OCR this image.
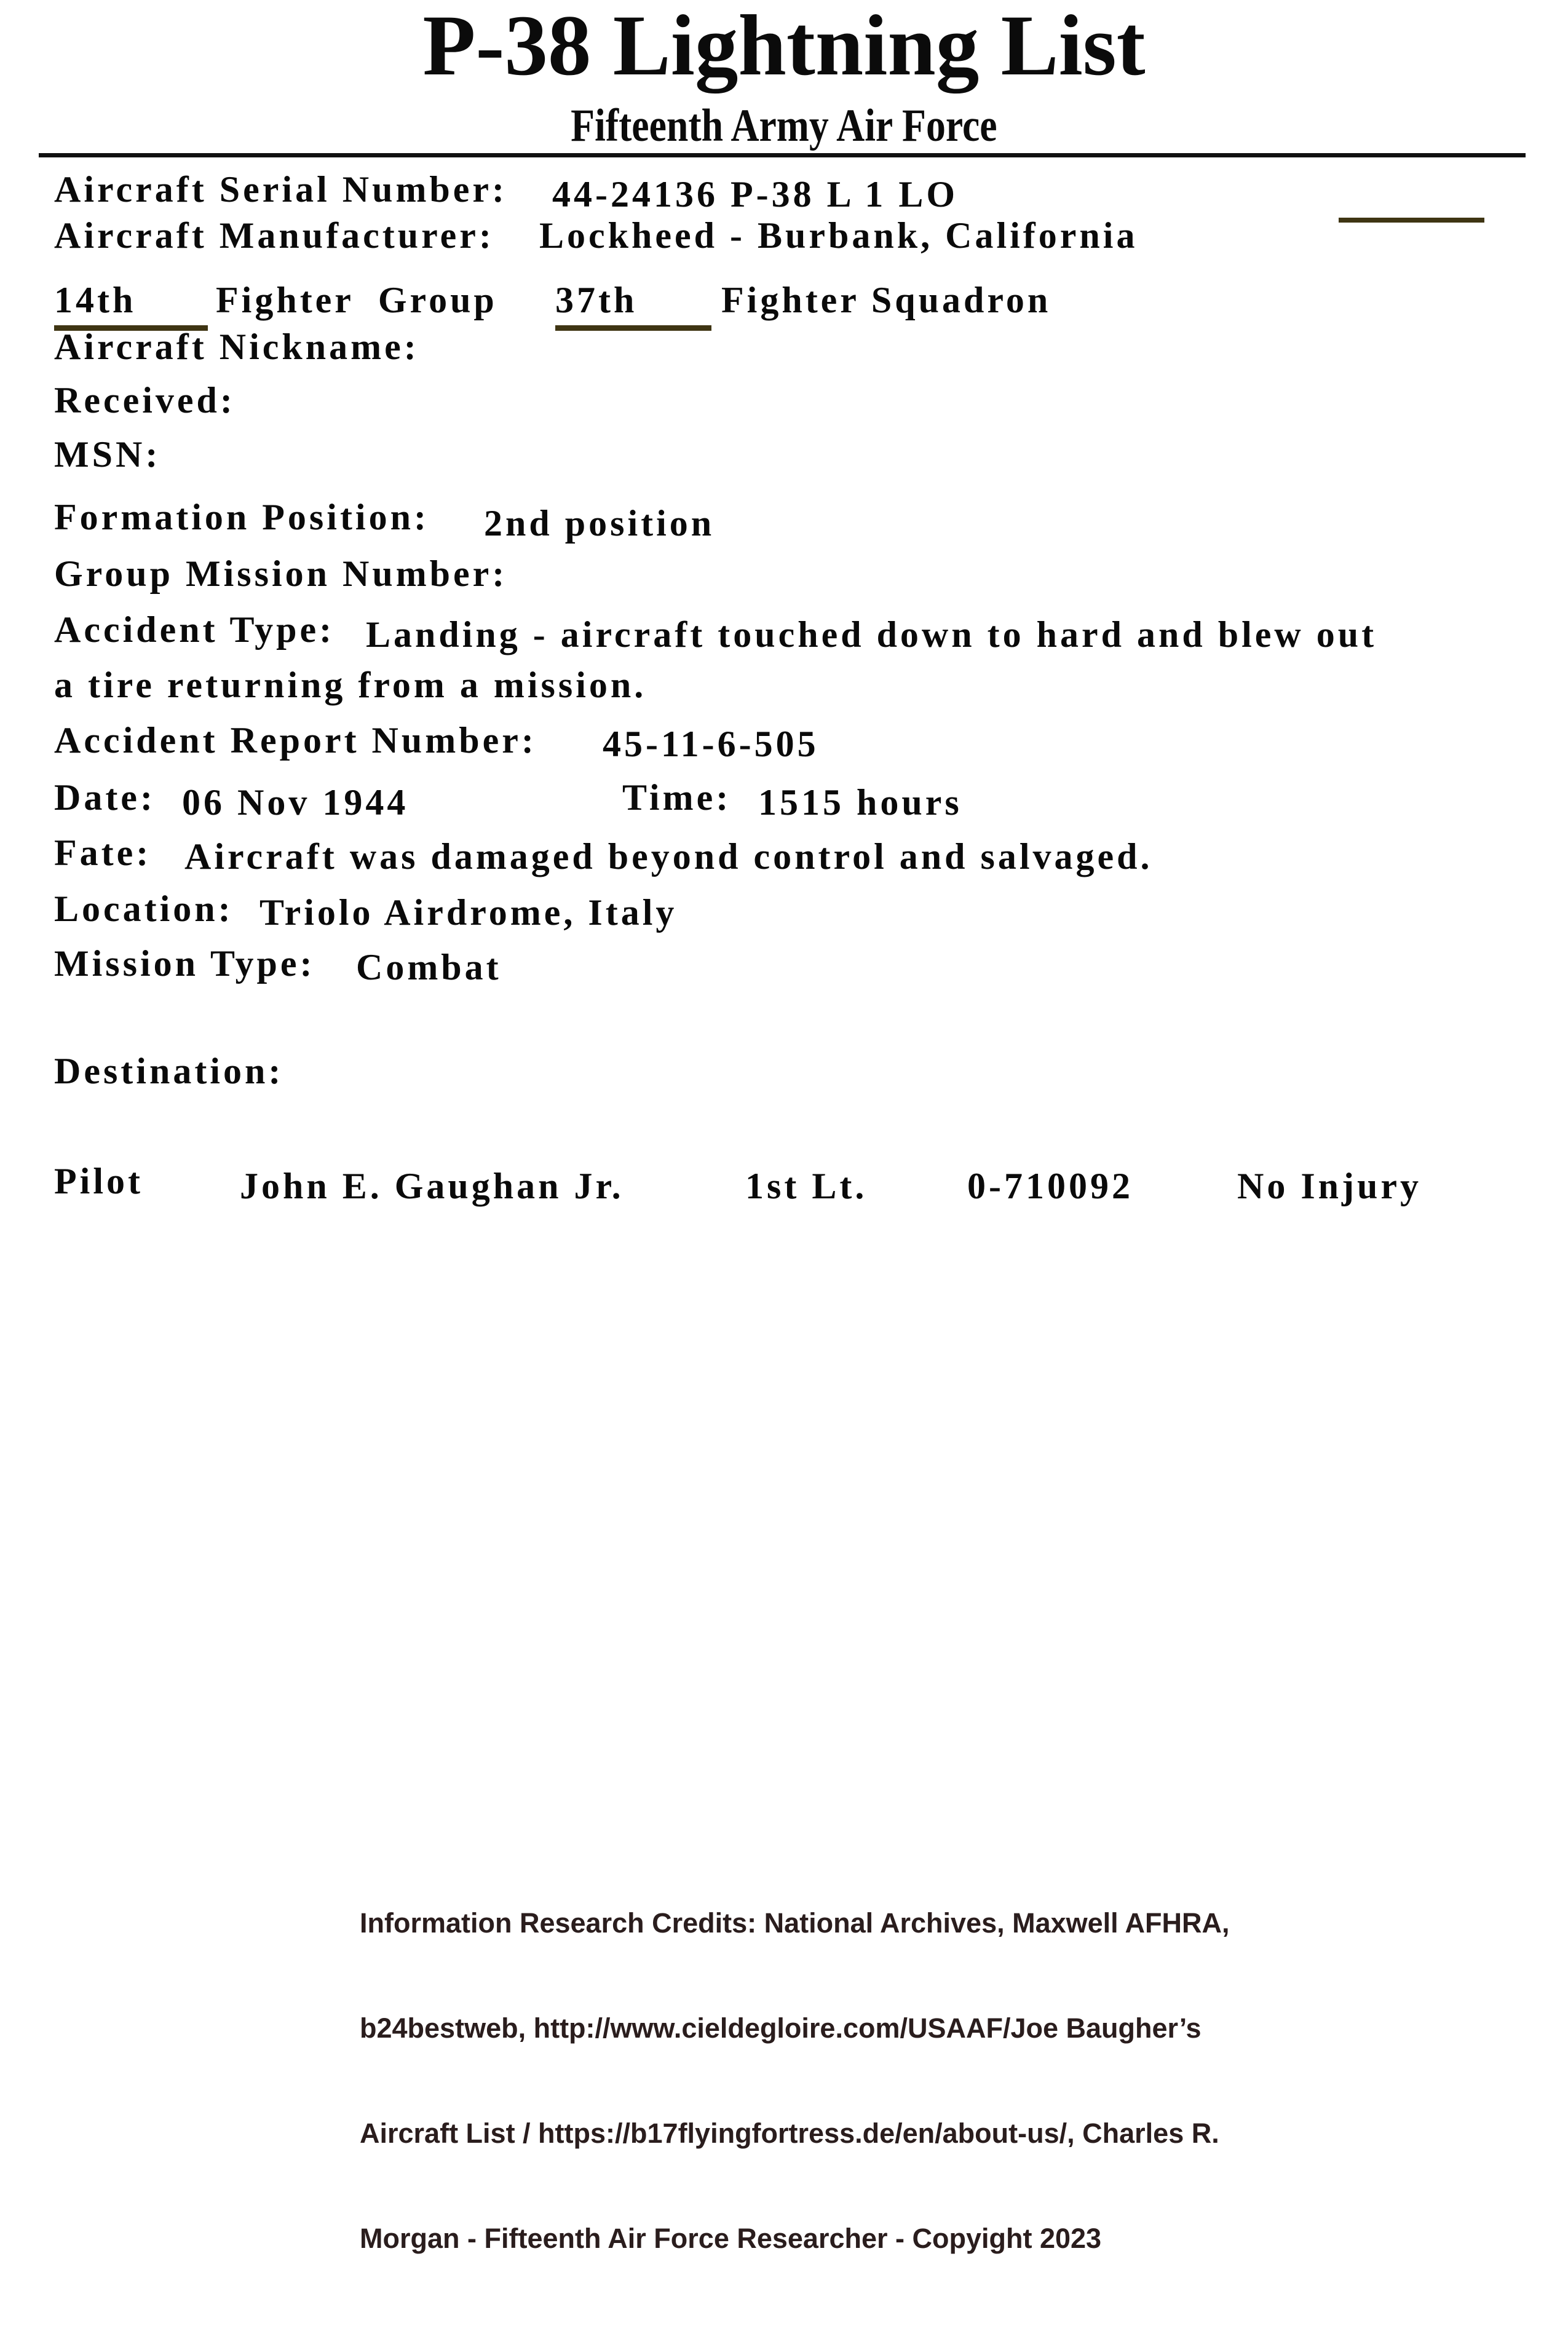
P-38 Lightning List
Fifteenth Army Air Force
Aircraft Serial Number: 44-24136 P-38 L 1 LO
Aircraft Manufacturer: Lockheed - Burbank, California
14th	Fighter  Group 37th	Fighter Squadron
Aircraft Nickname:
Received:
MSN:
Formation Position: 2nd position
Group Mission Number:
Accident Type: Landing - aircraft touched down to hard and blew out
a tire returning from a mission.
Accident Report Number: 45-11-6-505
Date: 06 Nov 1944	Time: 1515 hours
Fate: Aircraft was damaged beyond control and salvaged.
Location: Triolo Airdrome, Italy
Mission Type: Combat
Destination:
Pilot	John E. Gaughan Jr.	1st Lt.	0-710092	No Injury

Information Research Credits: National Archives, Maxwell AFHRA,

b24bestweb, http://www.cieldegloire.com/USAAF/Joe Baugher’s

Aircraft List / https://b17flyingfortress.de/en/about-us/, Charles R.

Morgan - Fifteenth Air Force Researcher - Copyight 2023
